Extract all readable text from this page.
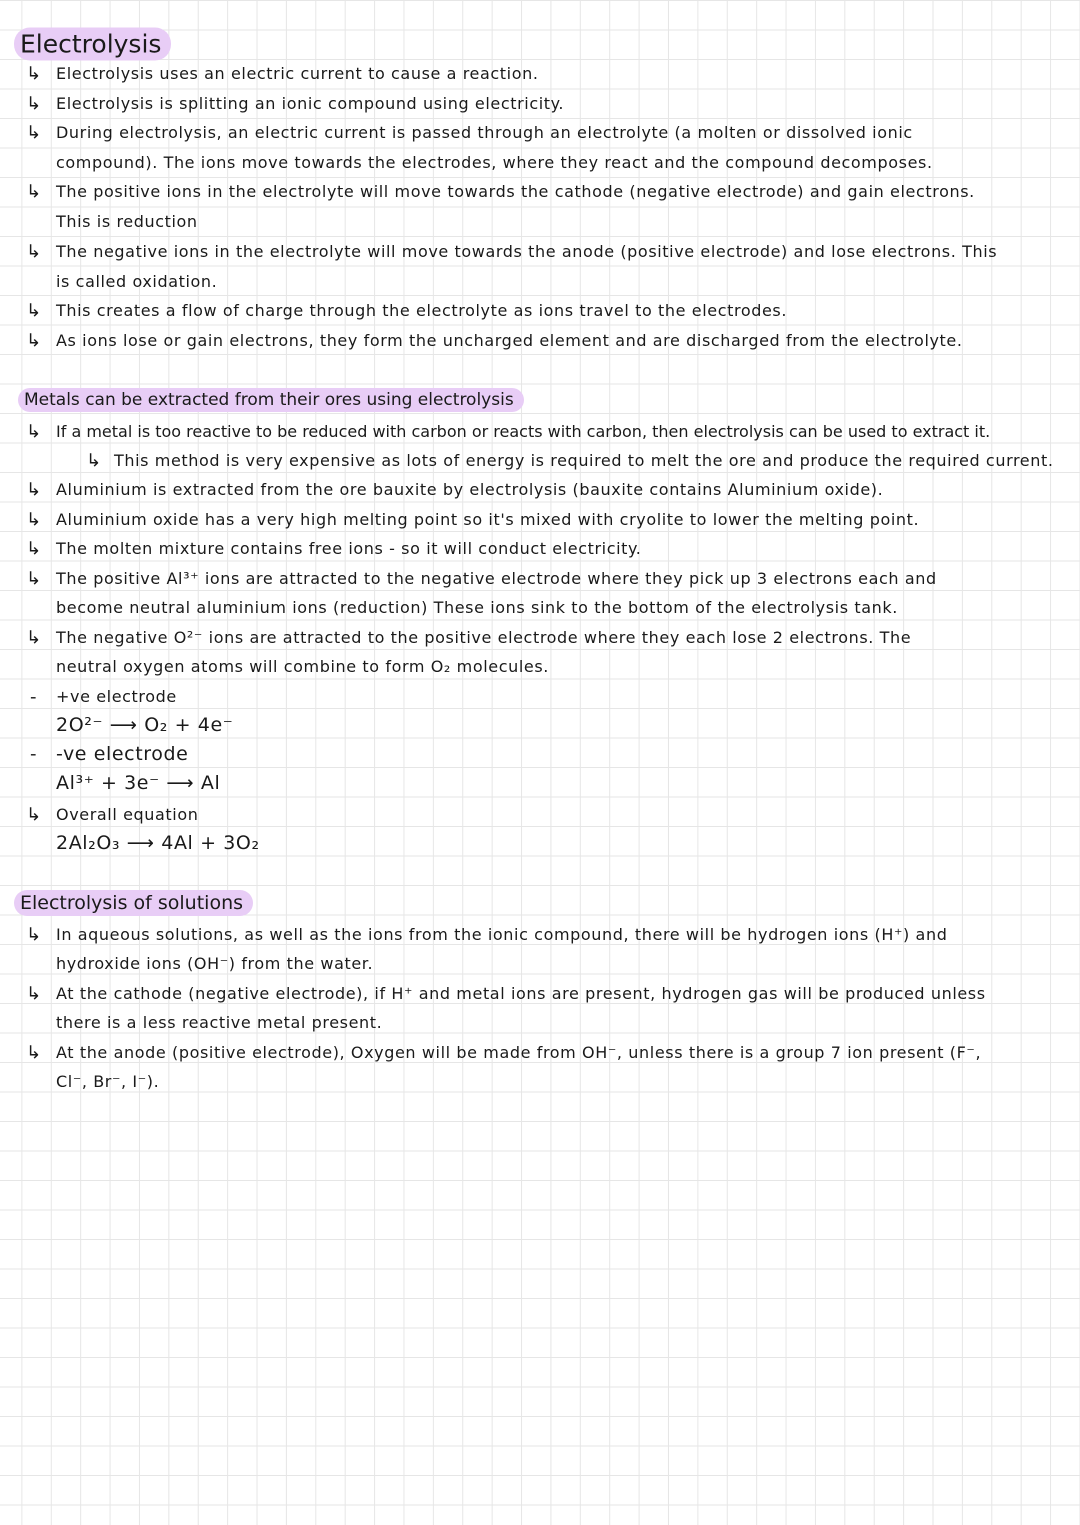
Electrolysis
↳ Electrolysis uses an electric current to cause a reaction.
↳ Electrolysis is splitting an ionic compound using electricity.
↳ During electrolysis, an electric current is passed through an electrolyte (a molten or dissolved ionic
compound). The ions move towards the electrodes, where they react and the compound decomposes.
↳ The positive ions in the electrolyte will move towards the cathode (negative electrode) and gain electrons.
This is reduction
↳ The negative ions in the electrolyte will move towards the anode (positive electrode) and lose electrons. This
is called oxidation.
↳ This creates a flow of charge through the electrolyte as ions travel to the electrodes.
↳ As ions lose or gain electrons, they form the uncharged element and are discharged from the electrolyte.
Metals can be extracted from their ores using electrolysis
↳ If a metal is too reactive to be reduced with carbon or reacts with carbon, then electrolysis can be used to extract it.
↳ This method is very expensive as lots of energy is required to melt the ore and produce the required current.
↳ Aluminium is extracted from the ore bauxite by electrolysis (bauxite contains Aluminium oxide).
↳ Aluminium oxide has a very high melting point so it's mixed with cryolite to lower the melting point.
↳ The molten mixture contains free ions - so it will conduct electricity.
↳ The positive Al³⁺ ions are attracted to the negative electrode where they pick up 3 electrons each and
become neutral aluminium ions (reduction) These ions sink to the bottom of the electrolysis tank.
↳ The negative O²⁻ ions are attracted to the positive electrode where they each lose 2 electrons. The
neutral oxygen atoms will combine to form O₂ molecules.
- +ve electrode
2O²⁻ ⟶ O₂ + 4e⁻
- -ve electrode
Al³⁺ + 3e⁻ ⟶ Al
↳ Overall equation
2Al₂O₃ ⟶ 4Al + 3O₂
Electrolysis of solutions
↳ In aqueous solutions, as well as the ions from the ionic compound, there will be hydrogen ions (H⁺) and
hydroxide ions (OH⁻) from the water.
↳ At the cathode (negative electrode), if H⁺ and metal ions are present, hydrogen gas will be produced unless
there is a less reactive metal present.
↳ At the anode (positive electrode), Oxygen will be made from OH⁻, unless there is a group 7 ion present (F⁻,
Cl⁻, Br⁻, I⁻).
